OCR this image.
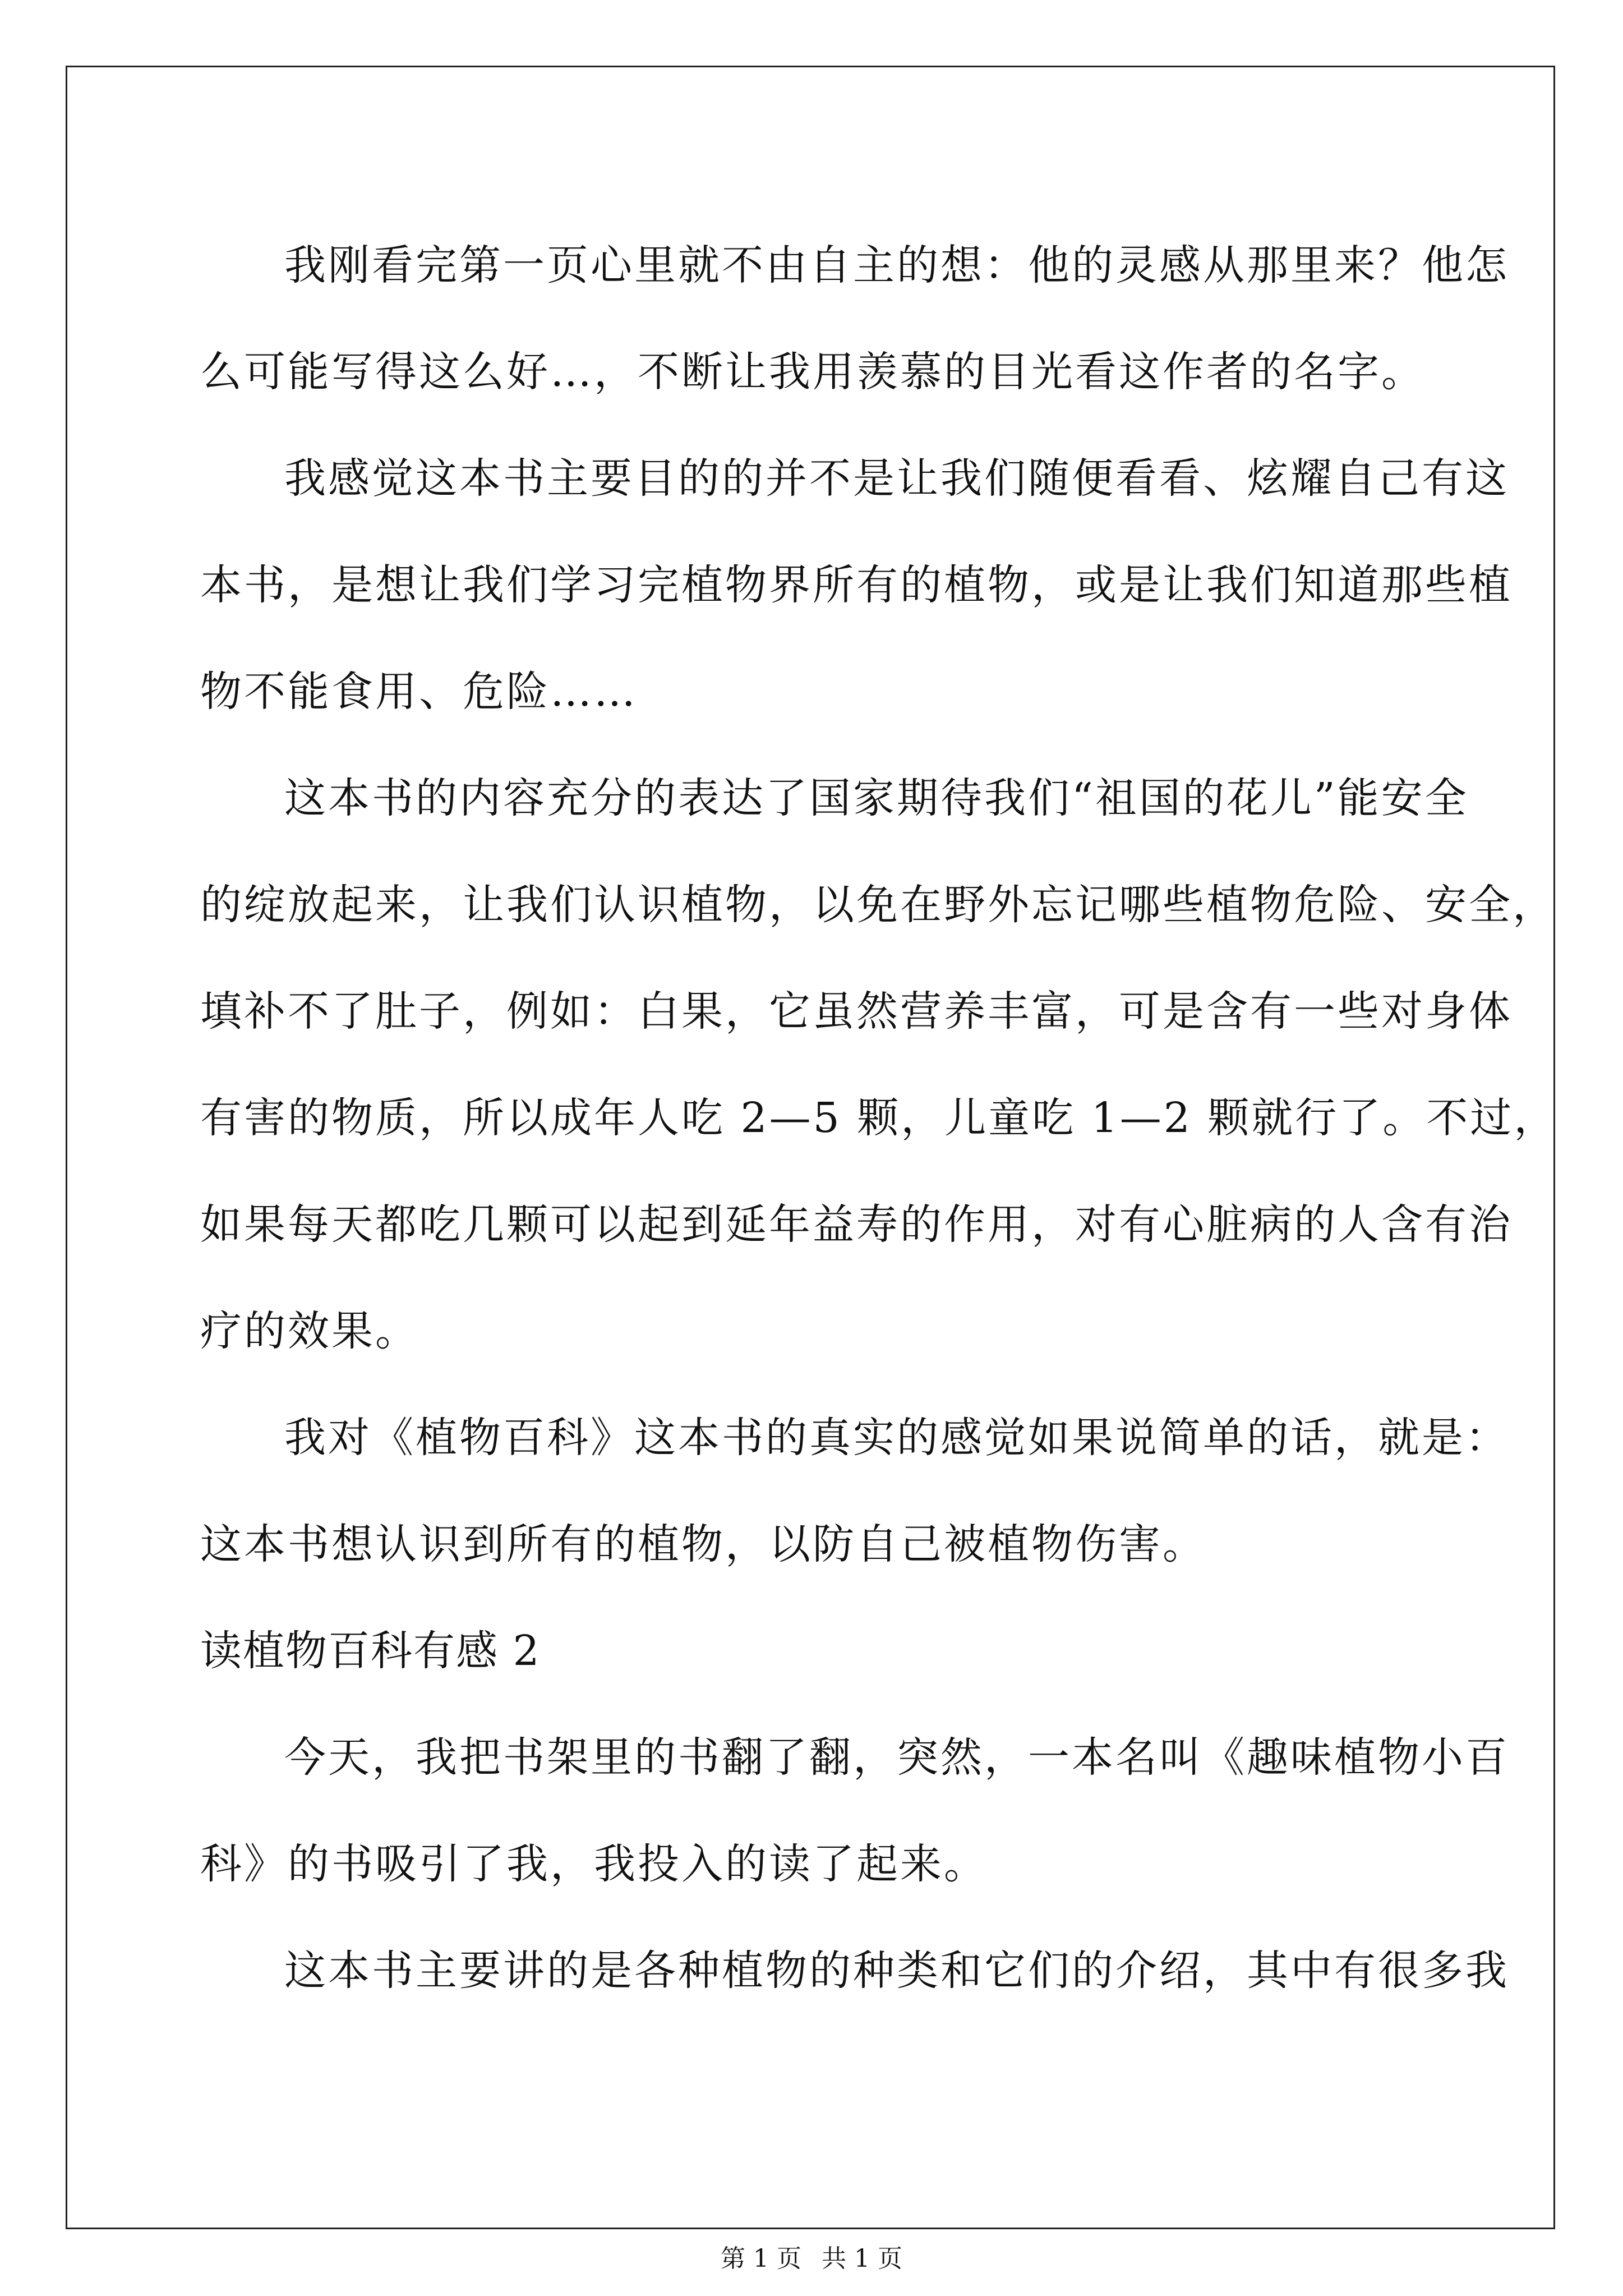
我刚看完第一页心里就不由自主的想：他的灵感从那里来？他怎
么可能写得这么好…，不断让我用羡慕的目光看这作者的名字。
我感觉这本书主要目的的并不是让我们随便看看、炫耀自己有这
本书，是想让我们学习完植物界所有的植物，或是让我们知道那些植
物不能食用、危险……
这本书的内容充分的表达了国家期待我们“祖国的花儿”能安全
的绽放起来，让我们认识植物，以免在野外忘记哪些植物危险、安全，
填补不了肚子，例如：白果，它虽然营养丰富，可是含有一些对身体
有害的物质，所以成年人吃 2—5 颗，儿童吃 1—2 颗就行了。不过，
如果每天都吃几颗可以起到延年益寿的作用，对有心脏病的人含有治
疗的效果。
我对《植物百科》这本书的真实的感觉如果说简单的话，就是：
这本书想认识到所有的植物，以防自己被植物伤害。
读植物百科有感 2
今天，我把书架里的书翻了翻，突然，一本名叫《趣味植物小百
科》的书吸引了我，我投入的读了起来。
这本书主要讲的是各种植物的种类和它们的介绍，其中有很多我
第 1 页 共 1 页
